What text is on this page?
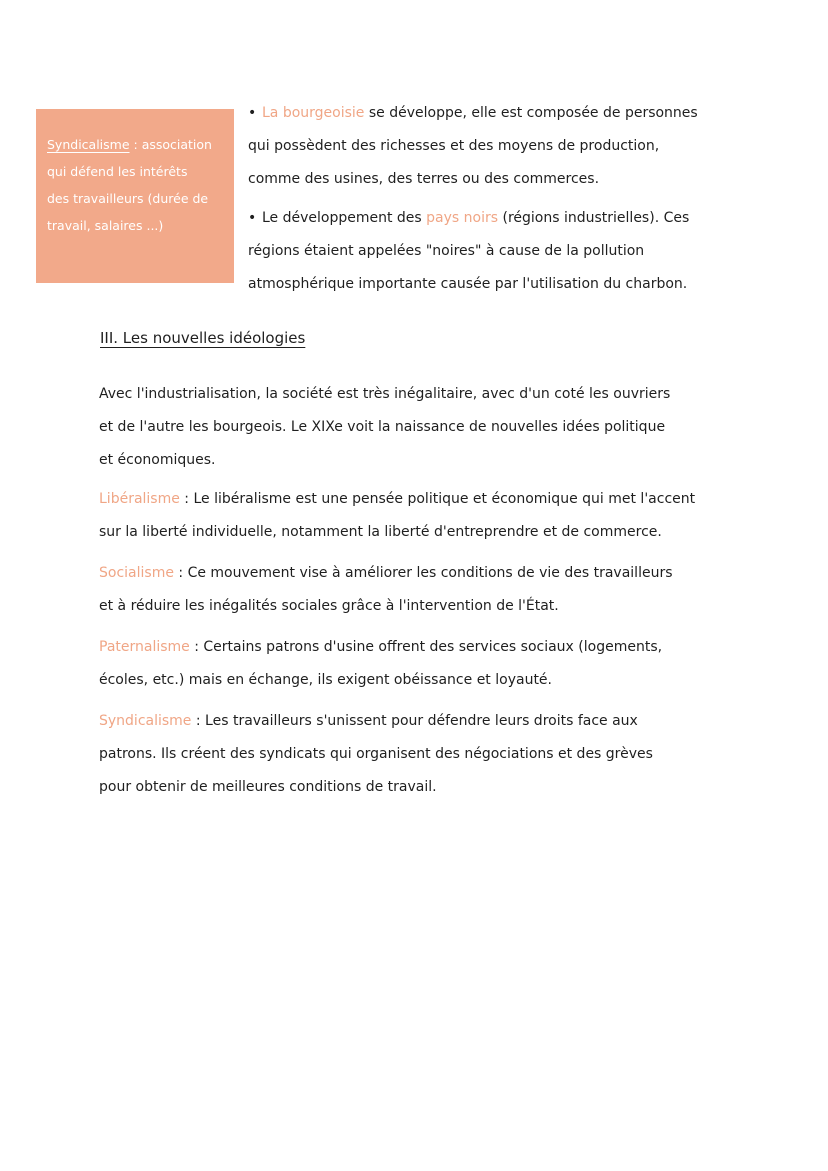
Syndicalisme : association
qui défend les intérêts
des travailleurs (durée de
travail, salaires ...)
• La bourgeoisie se développe, elle est composée de personnes
qui possèdent des richesses et des moyens de production,
comme des usines, des terres ou des commerces.
• Le développement des pays noirs (régions industrielles). Ces
régions étaient appelées "noires" à cause de la pollution
atmosphérique importante causée par l'utilisation du charbon.
III. Les nouvelles idéologies
Avec l'industrialisation, la société est très inégalitaire, avec d'un coté les ouvriers
et de l'autre les bourgeois. Le XIXe voit la naissance de nouvelles idées politique
et économiques.
Libéralisme : Le libéralisme est une pensée politique et économique qui met l'accent
sur la liberté individuelle, notamment la liberté d'entreprendre et de commerce.
Socialisme : Ce mouvement vise à améliorer les conditions de vie des travailleurs
et à réduire les inégalités sociales grâce à l'intervention de l'État.
Paternalisme : Certains patrons d'usine offrent des services sociaux (logements,
écoles, etc.) mais en échange, ils exigent obéissance et loyauté.
Syndicalisme : Les travailleurs s'unissent pour défendre leurs droits face aux
patrons. Ils créent des syndicats qui organisent des négociations et des grèves
pour obtenir de meilleures conditions de travail.
